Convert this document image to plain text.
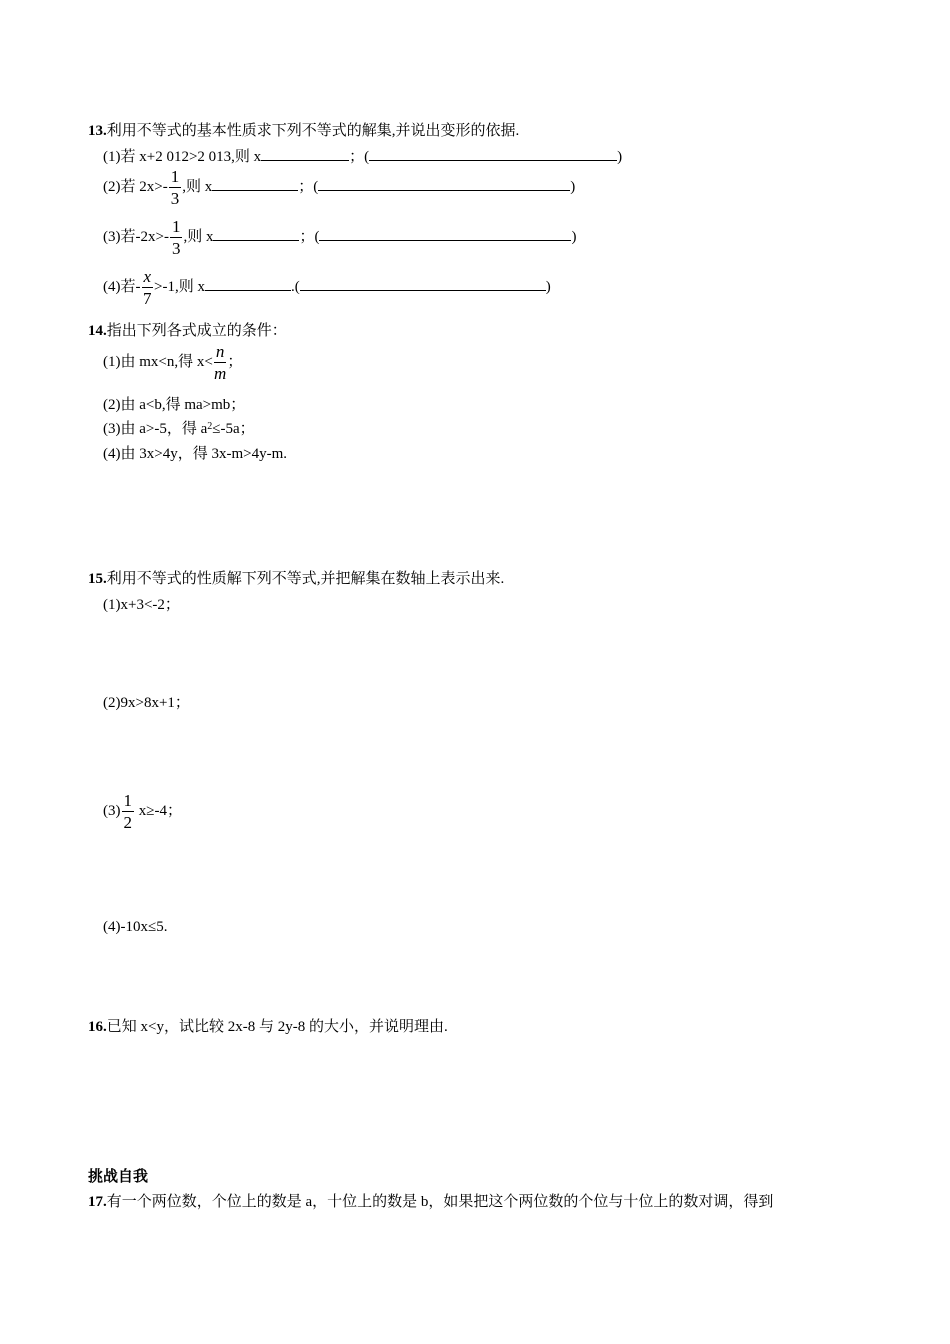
13.利用不等式的基本性质求下列不等式的解集,并说出变形的依据.
(1)若 x+2 012>2 013,则 x	；(	)
(2)若 $2x>- \frac{1}{3}$ ,则 x	；(	)
(3)若$-2x>- \frac{1}{3}$ ,则 x	；(	)
(4)若- $\frac{x}{7} >-1$,则 x	.(	)
14.指出下列各式成立的条件：
(1)由 mx<n,得 $x< \frac{n}{m}$ ；
(2)由 a<b,得 ma>mb；
(3)由 a>-5，得 $a^2\le-5a$；
(4)由 3x>4y，得 3x-m>4y-m.
15.利用不等式的性质解下列不等式,并把解集在数轴上表示出来.
(1)x+3<-2；
(2)9x>8x+1；
$(3) \frac{1}{2} x\ge-4$；
(4)-10x≤5.
16.已知 x<y，试比较 2x-8 与 2y-8 的大小，并说明理由.
挑战自我
17.有一个两位数，个位上的数是 a，十位上的数是 b，如果把这个两位数的个位与十位上的数对调，得到
